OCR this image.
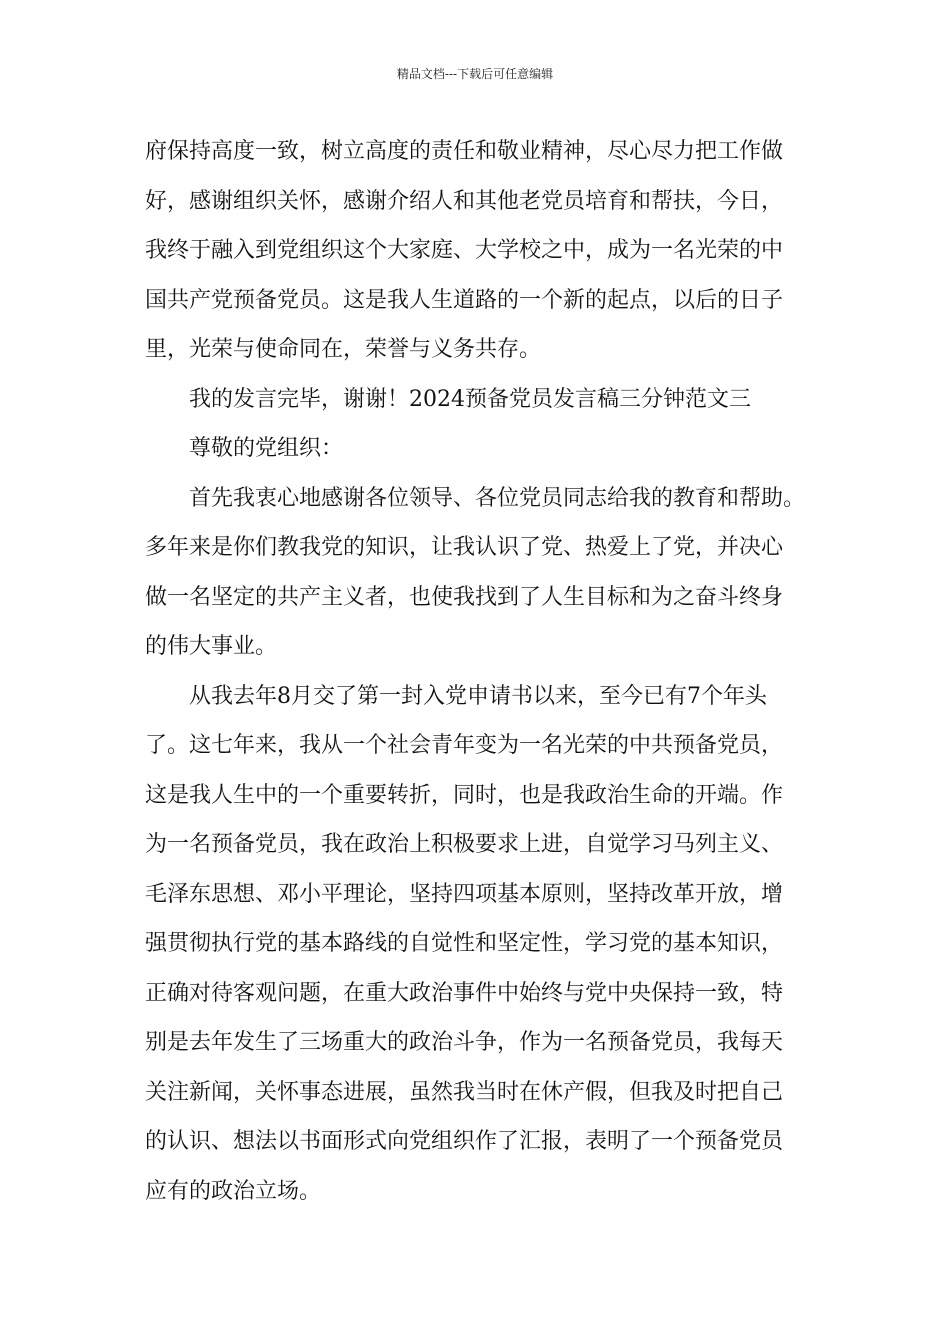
精品文档---下载后可任意编辑
府保持高度一致，树立高度的责任和敬业精神，尽心尽力把工作做
好，感谢组织关怀，感谢介绍人和其他老党员培育和帮扶，今日，
我终于融入到党组织这个大家庭、大学校之中，成为一名光荣的中
国共产党预备党员。这是我人生道路的一个新的起点，以后的日子
里，光荣与使命同在，荣誉与义务共存。
我的发言完毕，谢谢！2024预备党员发言稿三分钟范文三
尊敬的党组织：
首先我衷心地感谢各位领导、各位党员同志给我的教育和帮助。
多年来是你们教我党的知识，让我认识了党、热爱上了党，并决心
做一名坚定的共产主义者，也使我找到了人生目标和为之奋斗终身
的伟大事业。
从我去年8月交了第一封入党申请书以来，至今已有7个年头
了。这七年来，我从一个社会青年变为一名光荣的中共预备党员，
这是我人生中的一个重要转折，同时，也是我政治生命的开端。作
为一名预备党员，我在政治上积极要求上进，自觉学习马列主义、
毛泽东思想、邓小平理论，坚持四项基本原则，坚持改革开放，增
强贯彻执行党的基本路线的自觉性和坚定性，学习党的基本知识，
正确对待客观问题，在重大政治事件中始终与党中央保持一致，特
别是去年发生了三场重大的政治斗争，作为一名预备党员，我每天
关注新闻，关怀事态进展，虽然我当时在休产假，但我及时把自己
的认识、想法以书面形式向党组织作了汇报，表明了一个预备党员
应有的政治立场。
